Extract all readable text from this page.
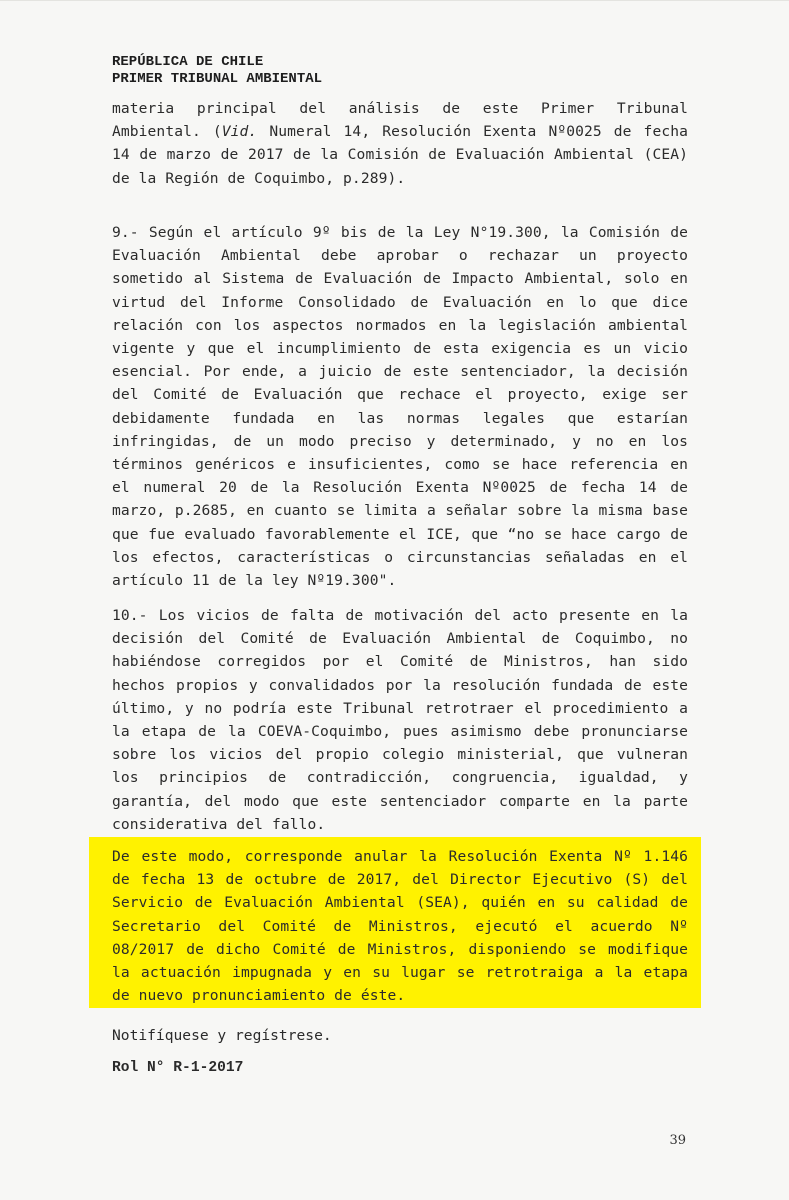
REPÚBLICA DE CHILE
PRIMER TRIBUNAL AMBIENTAL
materia principal del análisis de este Primer Tribunal Ambiental. (Vid. Numeral 14, Resolución Exenta Nº0025 de fecha 14 de marzo de 2017 de la Comisión de Evaluación Ambiental (CEA) de la Región de Coquimbo, p.289).
9.- Según el artículo 9º bis de la Ley N°19.300, la Comisión de Evaluación Ambiental debe aprobar o rechazar un proyecto sometido al Sistema de Evaluación de Impacto Ambiental, solo en virtud del Informe Consolidado de Evaluación en lo que dice relación con los aspectos normados en la legislación ambiental vigente y que el incumplimiento de esta exigencia es un vicio esencial. Por ende, a juicio de este sentenciador, la decisión del Comité de Evaluación que rechace el proyecto, exige ser debidamente fundada en las normas legales que estarían infringidas, de un modo preciso y determinado, y no en los términos genéricos e insuficientes, como se hace referencia en el numeral 20 de la Resolución Exenta Nº0025 de fecha 14 de marzo, p.2685, en cuanto se limita a señalar sobre la misma base que fue evaluado favorablemente el ICE, que “no se hace cargo de los efectos, características o circunstancias señaladas en el artículo 11 de la ley Nº19.300".
10.- Los vicios de falta de motivación del acto presente en la decisión del Comité de Evaluación Ambiental de Coquimbo, no habiéndose corregidos por el Comité de Ministros, han sido hechos propios y convalidados por la resolución fundada de este último, y no podría este Tribunal retrotraer el procedimiento a la etapa de la COEVA-Coquimbo, pues asimismo debe pronunciarse sobre los vicios del propio colegio ministerial, que vulneran los principios de contradicción, congruencia, igualdad, y garantía, del modo que este sentenciador comparte en la parte considerativa del fallo.
De este modo, corresponde anular la Resolución Exenta Nº 1.146 de fecha 13 de octubre de 2017, del Director Ejecutivo (S) del Servicio de Evaluación Ambiental (SEA), quién en su calidad de Secretario del Comité de Ministros, ejecutó el acuerdo Nº 08/2017 de dicho Comité de Ministros, disponiendo se modifique la actuación impugnada y en su lugar se retrotraiga a la etapa de nuevo pronunciamiento de éste.
Notifíquese y regístrese.
Rol N° R-1-2017
39
